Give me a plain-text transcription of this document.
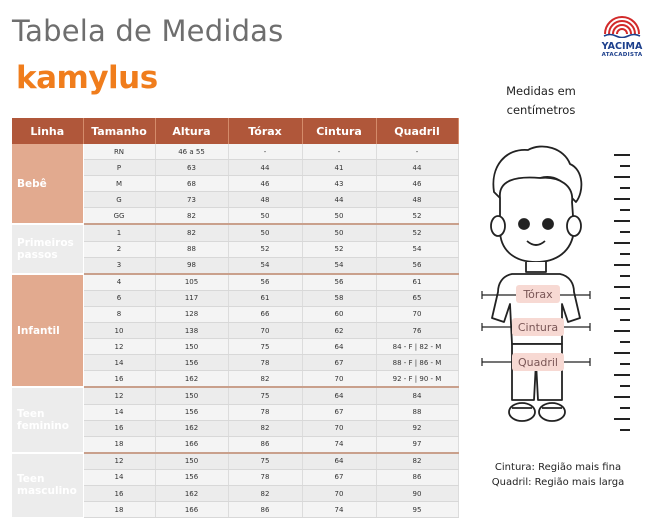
Tabela de Medidas
kamylus
YACIMA
ATACADISTA
Linha	Tamanho	Altura	Tórax	Cintura	Quadril
Bebê	RN	46 a 55	-	-	-
	P	63	44	41	44
	M	68	46	43	46
	G	73	48	44	48
	GG	82	50	50	52
Primeiros passos	1	82	50	50	52
	2	88	52	52	54
	3	98	54	54	56
Infantil	4	105	56	56	61
	6	117	61	58	65
	8	128	66	60	70
	10	138	70	62	76
	12	150	75	64	84 - F | 82 - M
	14	156	78	67	88 - F | 86 - M
	16	162	82	70	92 - F | 90 - M
Teen feminino	12	150	75	64	84
	14	156	78	67	88
	16	162	82	70	92
	18	166	86	74	97
Teen masculino	12	150	75	64	82
	14	156	78	67	86
	16	162	82	70	90
	18	166	86	74	95
Medidas em
centímetros
Tórax
Cintura
Quadril
Cintura: Região mais fina
Quadril: Região mais larga
